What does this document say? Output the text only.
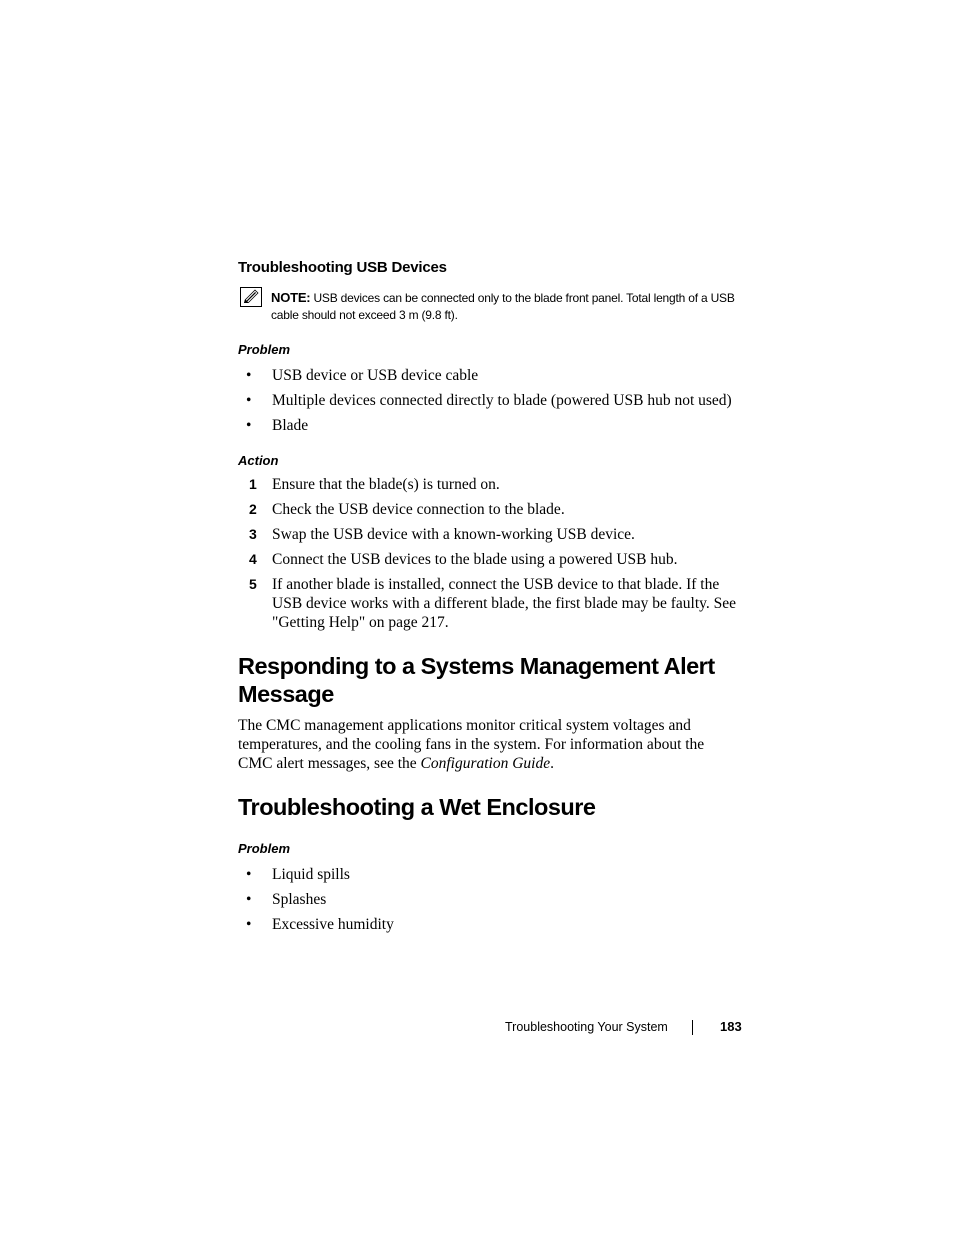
Troubleshooting USB Devices
NOTE: USB devices can be connected only to the blade front panel. Total length of a USB cable should not exceed 3 m (9.8 ft).
Problem
• USB device or USB device cable
• Multiple devices connected directly to blade (powered USB hub not used)
• Blade
Action
1 Ensure that the blade(s) is turned on.
2 Check the USB device connection to the blade.
3 Swap the USB device with a known-working USB device.
4 Connect the USB devices to the blade using a powered USB hub.
5 If another blade is installed, connect the USB device to that blade. If the USB device works with a different blade, the first blade may be faulty. See "Getting Help" on page 217.
Responding to a Systems Management Alert Message

The CMC management applications monitor critical system voltages and temperatures, and the cooling fans in the system. For information about the CMC alert messages, see the Configuration Guide.

Troubleshooting a Wet Enclosure
Problem
• Liquid spills
• Splashes
• Excessive humidity
Troubleshooting Your System	183
